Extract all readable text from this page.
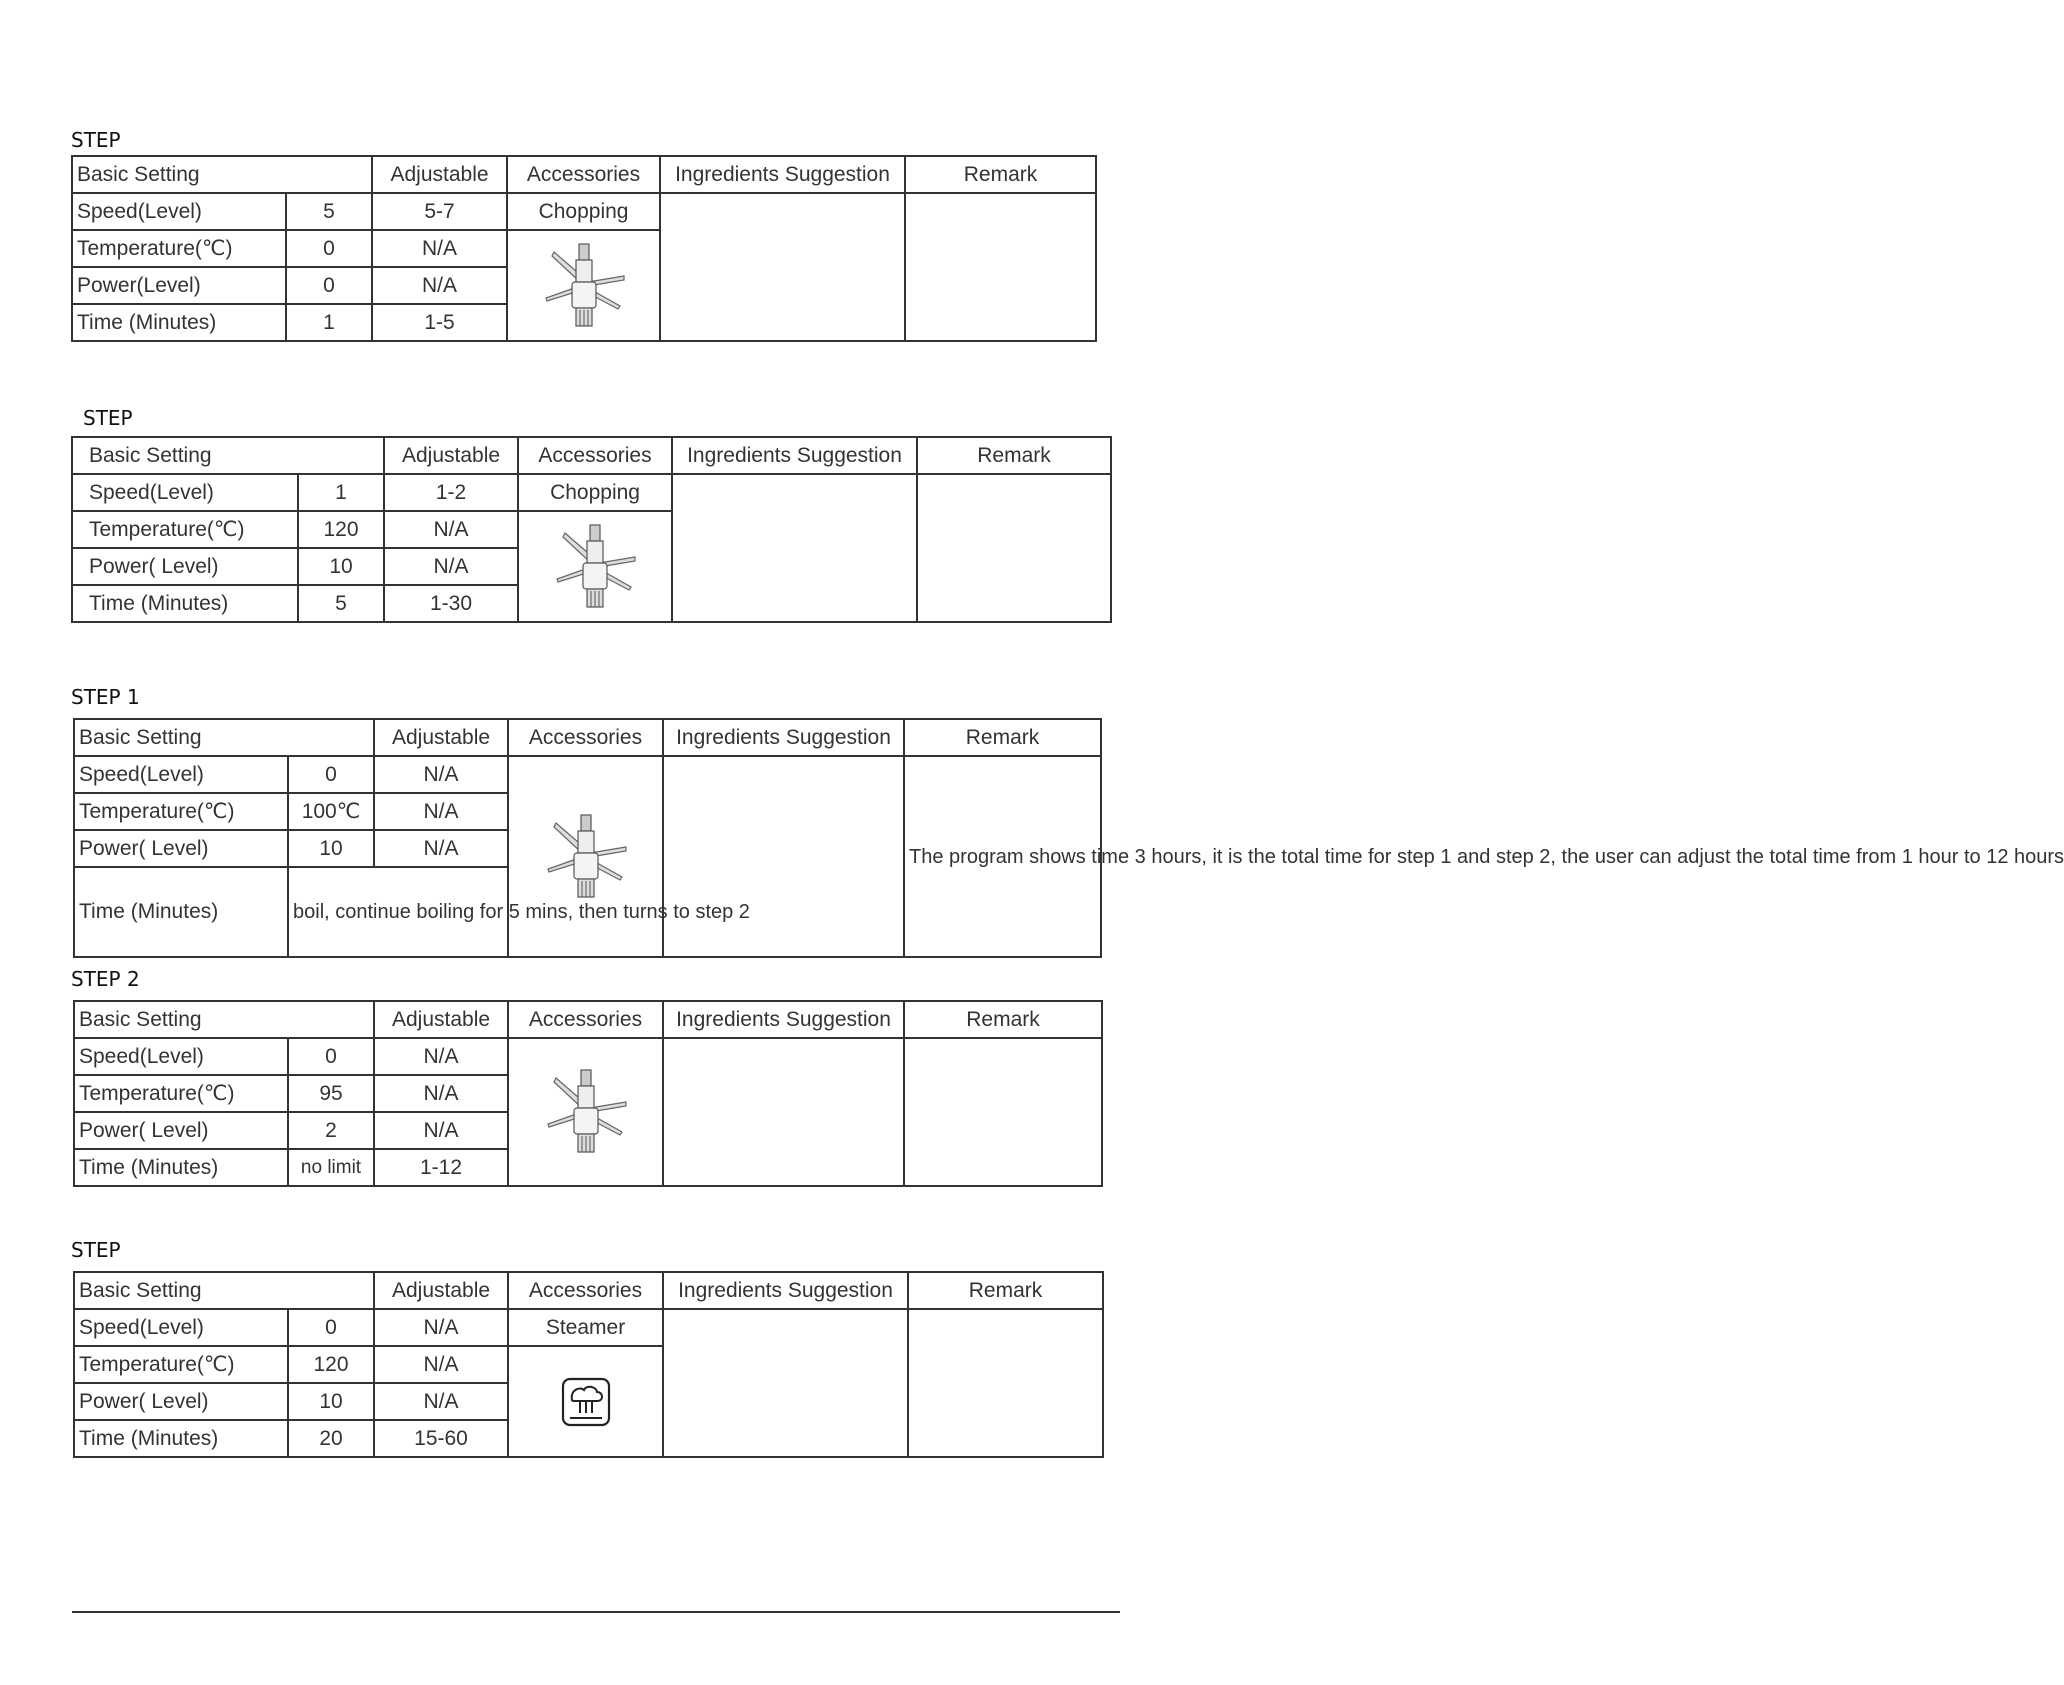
STEP
Basic Setting		Adjustable	Accessories	Ingredients Suggestion	Remark
Speed(Level)	5	5-7	Chopping		
Temperature(℃)	0	N/A	

Power(Level)	0	N/A			
Time (Minutes)	1	1-5			
STEP
Basic Setting		Adjustable	Accessories	Ingredients Suggestion	Remark
Speed(Level)	1	1-2	Chopping		
Temperature(℃)	120	N/A	

Power( Level)	10	N/A			
Time (Minutes)	5	1-30			
STEP 1
Basic Setting		Adjustable	Accessories	Ingredients Suggestion	Remark
Speed(Level)	0	N/A			The program shows time 3 hours, it is the total time for step 1 and step 2, the user can adjust the total time from 1 hour to 12 hours
Temperature(℃)	100℃	N/A			
Power( Level)	10	N/A			
Time (Minutes)	boil, continue boiling for 5 mins, then turns to step 2				
STEP 2
Basic Setting		Adjustable	Accessories	Ingredients Suggestion	Remark
Speed(Level)	0	N/A	

Temperature(℃)	95	N/A			
Power( Level)	2	N/A			
Time (Minutes)	no limit	1-12			
STEP
Basic Setting		Adjustable	Accessories	Ingredients Suggestion	Remark
Speed(Level)	0	N/A	Steamer		
Temperature(℃)	120	N/A	

Power( Level)	10	N/A			
Time (Minutes)	20	15-60			
